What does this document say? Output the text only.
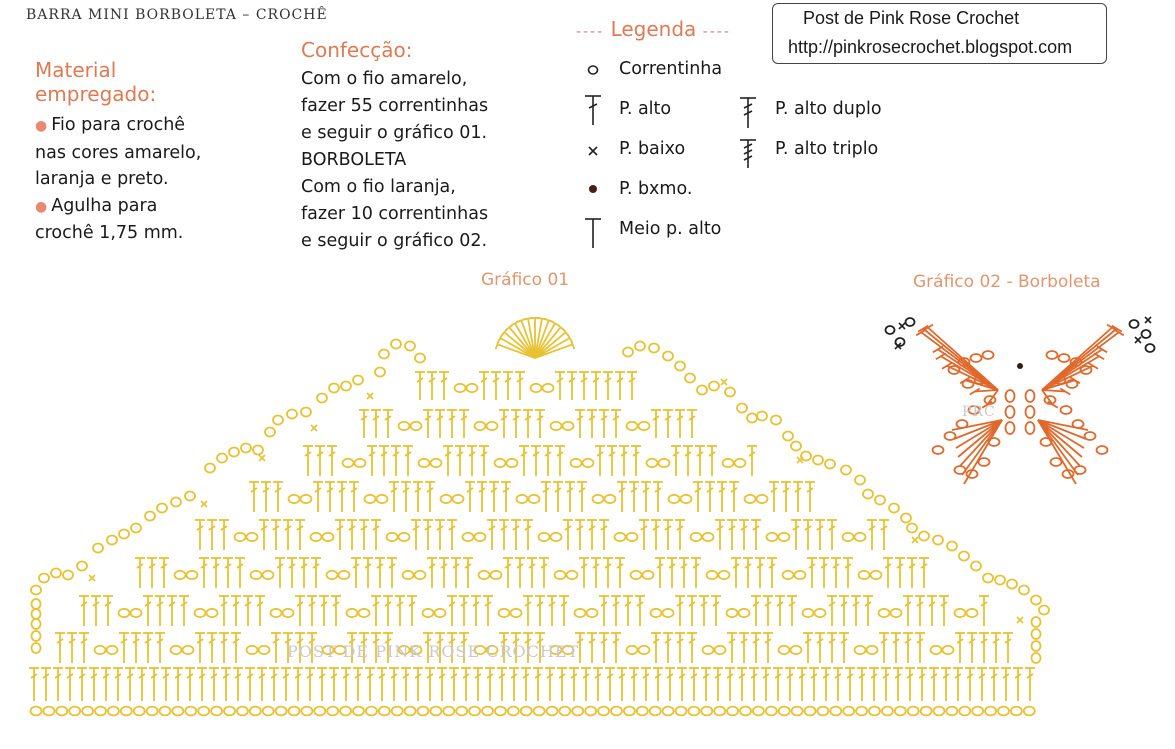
BARRA MINI BORBOLETA – CROCHÊ
Material
empregado:
● Fio para crochê
nas cores amarelo,
laranja e preto.
● Agulha para
crochê 1,75 mm.
Confecção:
Com o fio amarelo,
fazer 55 correntinhas
e seguir o gráfico 01.
BORBOLETA
Com o fio laranja,
fazer 10 correntinhas
e seguir o gráfico 02.
---- Legenda ----
Correntinha
P. alto
P. baixo
P. bxmo.
Meio p. alto
P. alto duplo
P. alto triplo
Post de Pink Rose Crochet
http://pinkrosecrochet.blogspot.com
Gráfico 01	Gráfico 02 - Borboleta
POST DE PINK ROSE CROCHET
PRC
